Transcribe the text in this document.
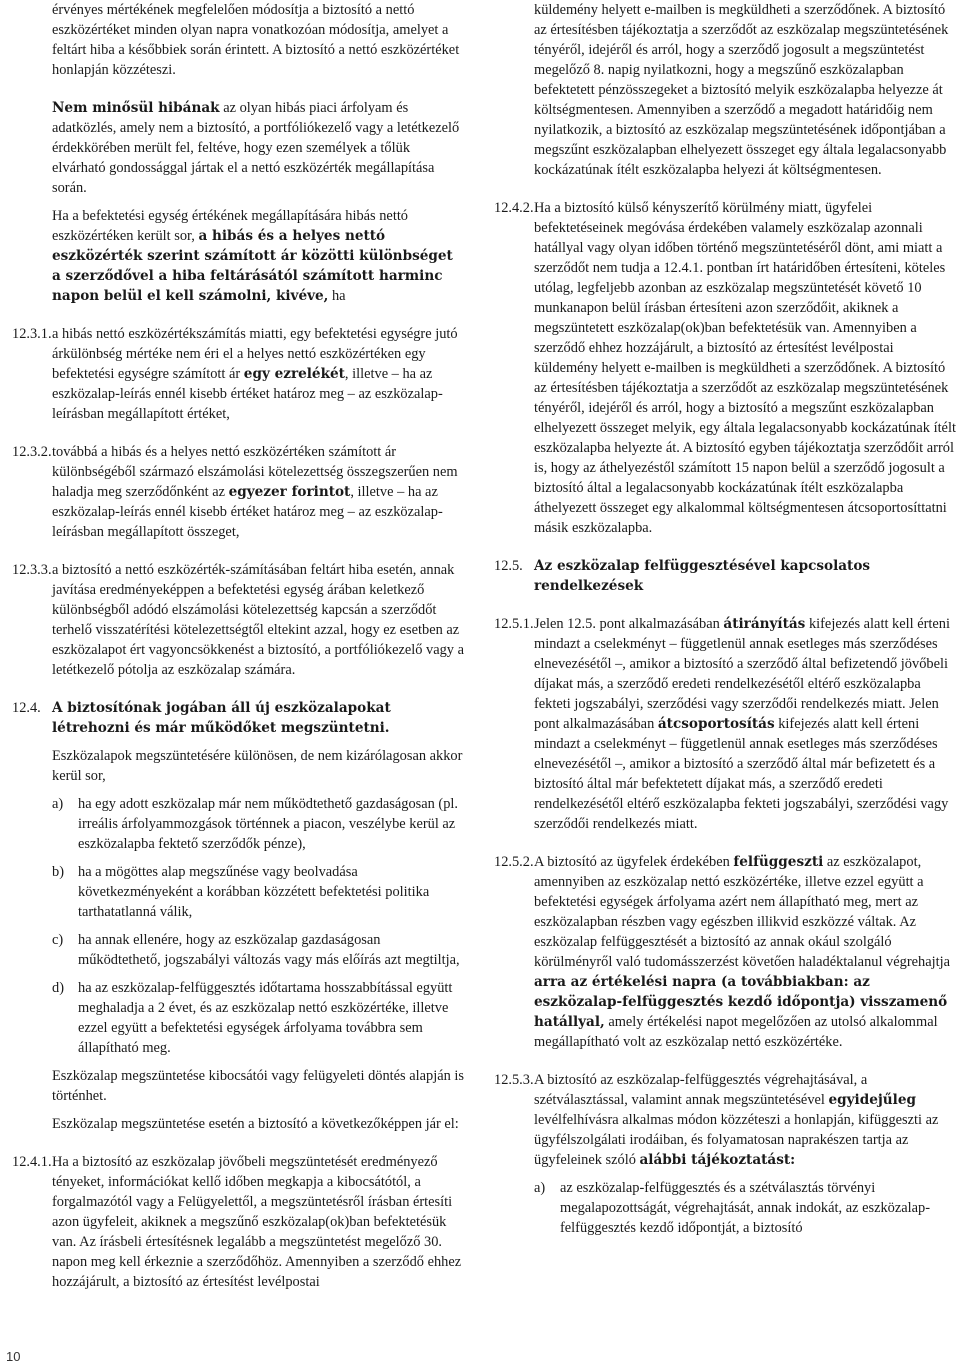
érvényes mértékének megfelelően módosítja a biztosító a nettó eszközértéket minden olyan napra vonatkozóan módosítja, amelyet a feltárt hiba a későbbiek során érintett. A biztosító a nettó eszközértéket honlapján közzéteszi.

Nem minősül hibának az olyan hibás piaci árfolyam és adatközlés, amely nem a biztosító, a portfóliókezelő vagy a letétkezelő érdekkörében merült fel, feltéve, hogy ezen személyek a tőlük elvárható gondossággal jártak el a nettó eszközérték megállapítása során.

Ha a befektetési egység értékének megállapítására hibás nettó eszközértéken került sor, a hibás és a helyes nettó eszközérték szerint számított ár közötti különbséget a szerződővel a hiba feltárásától számított harminc napon belül el kell számolni, kivéve, ha

12.3.1. a hibás nettó eszközértékszámítás miatti, egy befektetési egységre jutó árkülönbség mértéke nem éri el a helyes nettó eszközértéken egy befektetési egységre számított ár egy ezrelékét, illetve – ha az eszközalap-leírás ennél kisebb értéket határoz meg – az eszközalap-leírásban megállapított értéket,

12.3.2. továbbá a hibás és a helyes nettó eszközértéken számított ár különbségéből származó elszámolási kötelezettség összegszerűen nem haladja meg szerződőnként az egyezer forintot, illetve – ha az eszközalap-leírás ennél kisebb értéket határoz meg – az eszközalap-leírásban megállapított összeget,

12.3.3. a biztosító a nettó eszközérték-számításában feltárt hiba esetén, annak javítása eredményeképpen a befektetési egység árában keletkező különbségből adódó elszámolási kötelezettség kapcsán a szerződőt terhelő visszatérítési kötelezettségtől eltekint azzal, hogy ez esetben az eszközalapot ért vagyoncsökkenést a biztosító, a portfóliókezelő vagy a letétkezelő pótolja az eszközalap számára.

12.4. A biztosítónak jogában áll új eszközalapokat létrehozni és már működőket megszüntetni.

Eszközalapok megszüntetésére különösen, de nem kizárólagosan akkor kerül sor,

a) ha egy adott eszközalap már nem működtethető gazdaságosan (pl. irreális árfolyammozgások történnek a piacon, veszélybe kerül az eszközalapba fektető szerződők pénze),

b) ha a mögöttes alap megszűnése vagy beolvadása következményeként a korábban közzétett befektetési politika tarthatatlanná válik,

c) ha annak ellenére, hogy az eszközalap gazdaságosan működtethető, jogszabályi változás vagy más előírás azt megtiltja,

d) ha az eszközalap-felfüggesztés időtartama hosszabbítással együtt meghaladja a 2 évet, és az eszközalap nettó eszközértéke, illetve ezzel együtt a befektetési egységek árfolyama továbbra sem állapítható meg.

Eszközalap megszüntetése kibocsátói vagy felügyeleti döntés alapján is történhet.

Eszközalap megszüntetése esetén a biztosító a következőképpen jár el:

12.4.1. Ha a biztosító az eszközalap jövőbeli megszüntetését eredményező tényeket, információkat kellő időben megkapja a kibocsátótól, a forgalmazótól vagy a Felügyelettől, a megszüntetésről írásban értesíti azon ügyfeleit, akiknek a megszűnő eszközalap(ok)ban befektetésük van. Az írásbeli értesítésnek legalább a megszüntetést megelőző 30. napon meg kell érkeznie a szerződőhöz. Amennyiben a szerződő ehhez hozzájárult, a biztosító az értesítést levélpostai

küldemény helyett e-mailben is megküldheti a szerződőnek. A biztosító az értesítésben tájékoztatja a szerződőt az eszközalap megszüntetésének tényéről, idejéről és arról, hogy a szerződő jogosult a megszüntetést megelőző 8. napig nyilatkozni, hogy a megszűnő eszközalapban befektetett pénzösszegeket a biztosító melyik eszközalapba helyezze át költségmentesen. Amennyiben a szerződő a megadott határidőig nem nyilatkozik, a biztosító az eszközalap megszüntetésének időpontjában a megszűnt eszközalapban elhelyezett összeget egy általa legalacsonyabb kockázatúnak ítélt eszközalapba helyezi át költségmentesen.

12.4.2. Ha a biztosító külső kényszerítő körülmény miatt, ügyfelei befektetéseinek megóvása érdekében valamely eszközalap azonnali hatállyal vagy olyan időben történő megszüntetéséről dönt, ami miatt a szerződőt nem tudja a 12.4.1. pontban írt határidőben értesíteni, köteles utólag, legfeljebb azonban az eszközalap megszüntetését követő 10 munkanapon belül írásban értesíteni azon szerződőit, akiknek a megszüntetett eszközalap(ok)ban befektetésük van. Amennyiben a szerződő ehhez hozzájárult, a biztosító az értesítést levélpostai küldemény helyett e-mailben is megküldheti a szerződőnek. A biztosító az értesítésben tájékoztatja a szerződőt az eszközalap megszüntetésének tényéről, idejéről és arról, hogy a biztosító a megszűnt eszközalapban elhelyezett összeget melyik, egy általa legalacsonyabb kockázatúnak ítélt eszközalapba helyezte át. A biztosító egyben tájékoztatja szerződőit arról is, hogy az áthelyezéstől számított 15 napon belül a szerződő jogosult a biztosító által a legalacsonyabb kockázatúnak ítélt eszközalapba áthelyezett összeget egy alkalommal költségmentesen átcsoportosíttatni másik eszközalapba.

12.5. Az eszközalap felfüggesztésével kapcsolatos rendelkezések

12.5.1. Jelen 12.5. pont alkalmazásában átirányítás kifejezés alatt kell érteni mindazt a cselekményt – függetlenül annak esetleges más szerződéses elnevezésétől –, amikor a biztosító a szerződő által befizetendő jövőbeli díjakat más, a szerződő eredeti rendelkezésétől eltérő eszközalapba fekteti jogszabályi, szerződési vagy szerződői rendelkezés miatt. Jelen pont alkalmazásában átcsoportosítás kifejezés alatt kell érteni mindazt a cselekményt – függetlenül annak esetleges más szerződéses elnevezésétől –, amikor a biztosító a szerződő által már befizetett és a biztosító által már befektetett díjakat más, a szerződő eredeti rendelkezésétől eltérő eszközalapba fekteti jogszabályi, szerződési vagy szerződői rendelkezés miatt.

12.5.2. A biztosító az ügyfelek érdekében felfüggeszti az eszközalapot, amennyiben az eszközalap nettó eszközértéke, illetve ezzel együtt a befektetési egységek árfolyama azért nem állapítható meg, mert az eszközalapban részben vagy egészben illikvid eszközzé váltak. Az eszközalap felfüggesztését a biztosító az annak okául szolgáló körülményről való tudomásszerzést követően haladéktalanul végrehajtja arra az értékelési napra (a továbbiakban: az eszközalap-felfüggesztés kezdő időpontja) visszamenő hatállyal, amely értékelési napot megelőzően az utolsó alkalommal megállapítható volt az eszközalap nettó eszközértéke.

12.5.3. A biztosító az eszközalap-felfüggesztés végrehajtásával, a szétválasztással, valamint annak megszüntetésével egyidejűleg levélfelhívásra alkalmas módon közzéteszi a honlapján, kifüggeszti az ügyfélszolgálati irodáiban, és folyamatosan naprakészen tartja az ügyfeleinek szóló alábbi tájékoztatást:

a) az eszközalap-felfüggesztés és a szétválasztás törvényi megalapozottságát, végrehajtását, annak indokát, az eszközalap-felfüggesztés kezdő időpontját, a biztosító

10
